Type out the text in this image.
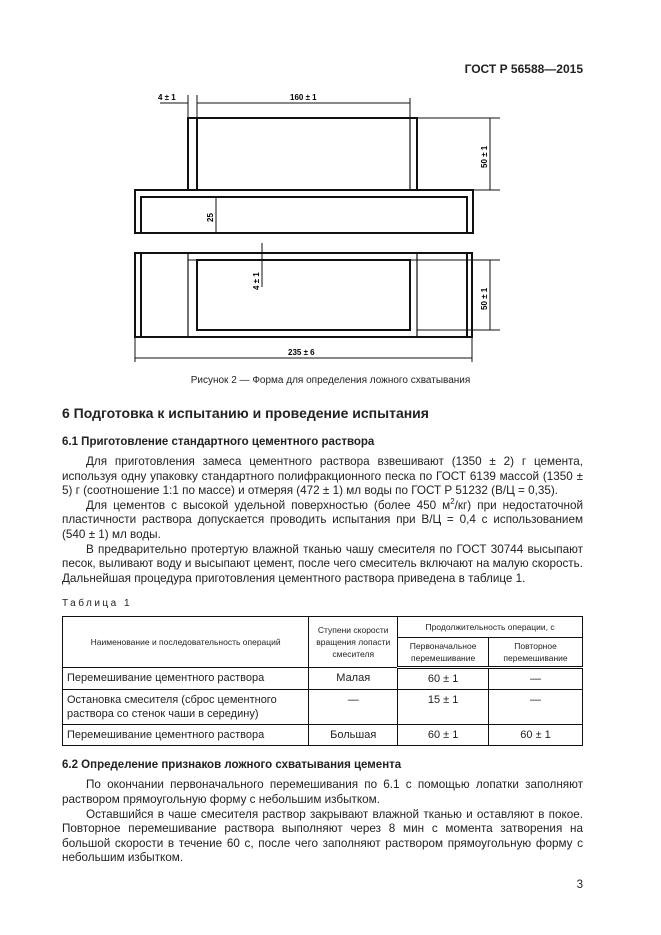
ГОСТ Р 56588—2015
4 ± 1	160 ± 1
50 ± 1
25
4 ± 1
50 ± 1
235 ± 6
Рисунок 2 — Форма для определения ложного схватывания
6 Подготовка к испытанию и проведение испытания
6.1 Приготовление стандартного цементного раствора

Для приготовления замеса цементного раствора взвешивают (1350 ± 2) г цемента, используя одну упаковку стандартного полифракционного песка по ГОСТ 6139 массой (1350 ± 5) г (соотношение 1:1 по массе) и отмеряя (472 ± 1) мл воды по ГОСТ Р 51232 (В/Ц = 0,35).

Для цементов с высокой удельной поверхностью (более 450 $м^2/кг$) при недостаточной пластичности раствора допускается проводить испытания при В/Ц = 0,4 с использованием (540 ± 1) мл воды.

В предварительно протертую влажной тканью чашу смесителя по ГОСТ 30744 высыпают песок, выливают воду и высыпают цемент, после чего смеситель включают на малую скорость. Дальнейшая процедура приготовления цементного раствора приведена в таблице 1.

Таблица 1
Наименование и последовательность операций	Ступени скорости вращения лопасти смесителя	Продолжительность операции, с	
		Первоначальное перемешивание	Повторное перемешивание
Перемешивание цементного раствора	Малая	60 ± 1	—
Остановка смесителя (сброс цементного раствора со стенок чаши в середину)	—	15 ± 1	—
Перемешивание цементного раствора	Большая	60 ± 1	60 ± 1
6.2 Определение признаков ложного схватывания цемента

По окончании первоначального перемешивания по 6.1 с помощью лопатки заполняют раствором прямоугольную форму с небольшим избытком.

Оставшийся в чаше смесителя раствор закрывают влажной тканью и оставляют в покое. Повторное перемешивание раствора выполняют через 8 мин с момента затворения на большой скорости в течение 60 с, после чего заполняют раствором прямоугольную форму с небольшим избытком.

3
